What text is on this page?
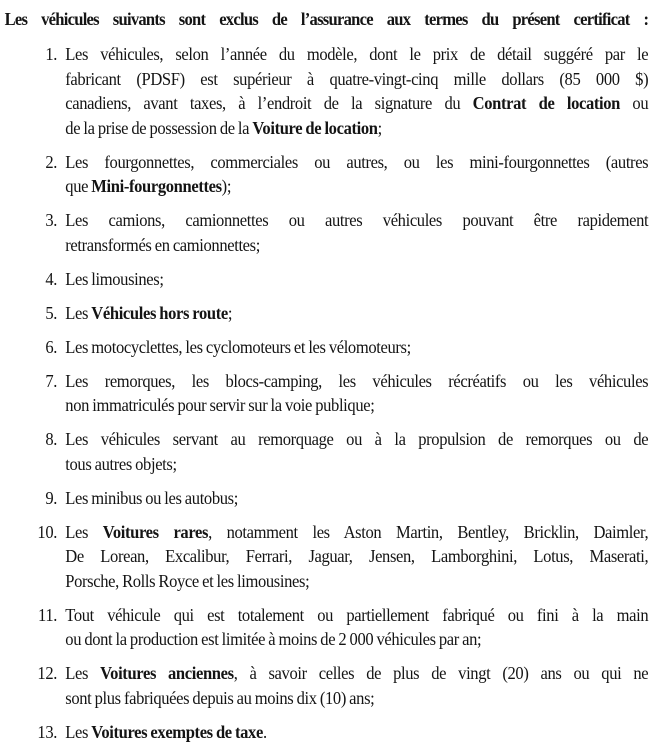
Les véhicules suivants sont exclus de l’assurance aux termes du présent certificat :
1. Les véhicules, selon l’année du modèle, dont le prix de détail suggéré par le
fabricant (PDSF) est supérieur à quatre-vingt-cinq mille dollars (85 000 $)
canadiens, avant taxes, à l’endroit de la signature du Contrat de location ou
de la prise de possession de la Voiture de location;
2. Les fourgonnettes, commerciales ou autres, ou les mini-fourgonnettes (autres
que Mini-fourgonnettes);
3. Les camions, camionnettes ou autres véhicules pouvant être rapidement
retransformés en camionnettes;
4. Les limousines;
5. Les Véhicules hors route;
6. Les motocyclettes, les cyclomoteurs et les vélomoteurs;
7. Les remorques, les blocs-camping, les véhicules récréatifs ou les véhicules
non immatriculés pour servir sur la voie publique;
8. Les véhicules servant au remorquage ou à la propulsion de remorques ou de
tous autres objets;
9. Les minibus ou les autobus;
10. Les Voitures rares, notamment les Aston Martin, Bentley, Bricklin, Daimler,
De Lorean, Excalibur, Ferrari, Jaguar, Jensen, Lamborghini, Lotus, Maserati,
Porsche, Rolls Royce et les limousines;
11. Tout véhicule qui est totalement ou partiellement fabriqué ou fini à la main
ou dont la production est limitée à moins de 2 000 véhicules par an;
12. Les Voitures anciennes, à savoir celles de plus de vingt (20) ans ou qui ne
sont plus fabriquées depuis au moins dix (10) ans;
13. Les Voitures exemptes de taxe.
